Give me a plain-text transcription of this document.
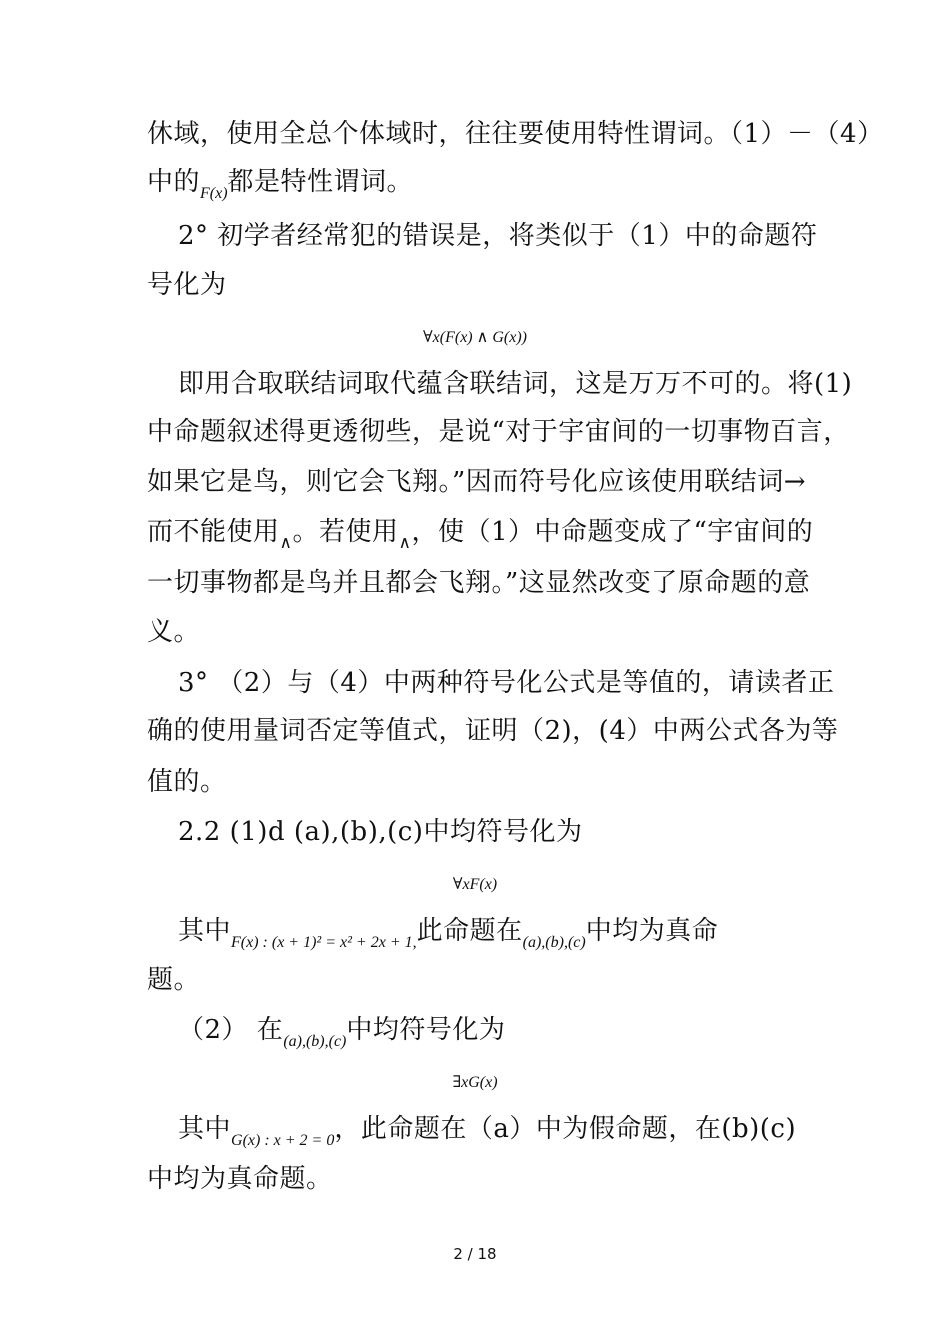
休域，使用全总个体域时，往往要使用特性谓词。（1）－（4）
中的$_{F(x)}$都是特性谓词。
2° 初学者经常犯的错误是，将类似于（1）中的命题符
号化为
∀x(F(x) ∧ G(x))
即用合取联结词取代蕴含联结词，这是万万不可的。将(1)
中命题叙述得更透彻些，是说“对于宇宙间的一切事物百言，
如果它是鸟，则它会飞翔。”因而符号化应该使用联结词→
而不能使用$_\wedge$。若使用$_\wedge$，使（1）中命题变成了“宇宙间的
一切事物都是鸟并且都会飞翔。”这显然改变了原命题的意
义。
3° （2）与（4）中两种符号化公式是等值的，请读者正
确的使用量词否定等值式，证明（2)，(4）中两公式各为等
值的。
2.2 (1)d (a),(b),(c)中均符号化为
∀xF(x)
其中$_{F(x) : (x + 1)^2 = x^2 + 2x + 1,}$此命题在$_{(a),(b),(c)}$中均为真命
题。
（2） 在$_{(a),(b),(c)}$中均符号化为
∃xG(x)
其中$_{G(x) : x + 2 = 0}$，此命题在（a）中为假命题，在(b)(c)
中均为真命题。
2 / 18
